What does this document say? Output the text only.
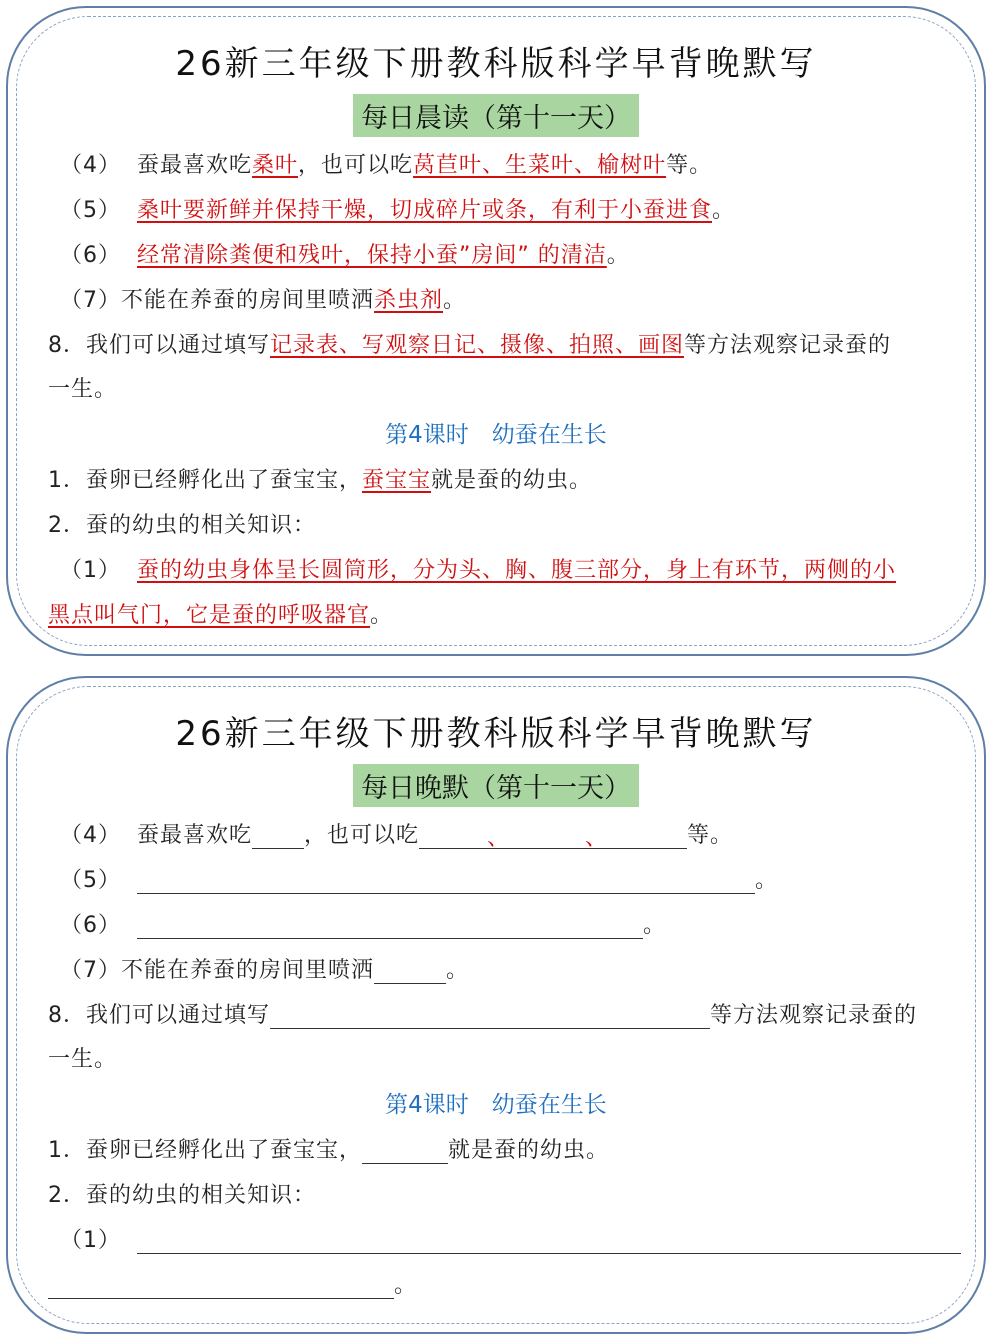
26新三年级下册教科版科学早背晚默写
每日晨读（第十一天）
（4） 蚕最喜欢吃桑叶，也可以吃莴苣叶、生菜叶、榆树叶等。
（5） 桑叶要新鲜并保持干燥，切成碎片或条，有利于小蚕进食。
（6） 经常清除粪便和残叶，保持小蚕”房间” 的清洁。
（7）不能在养蚕的房间里喷洒杀虫剂。
8．我们可以通过填写记录表、写观察日记、摄像、拍照、画图等方法观察记录蚕的
一生。
第4课时　幼蚕在生长
1．蚕卵已经孵化出了蚕宝宝，蚕宝宝就是蚕的幼虫。
2．蚕的幼虫的相关知识：
（1） 蚕的幼虫身体呈长圆筒形，分为头、胸、腹三部分，身上有环节，两侧的小
黑点叫气门，它是蚕的呼吸器官。
26新三年级下册教科版科学早背晚默写
每日晚默（第十一天）
（4） 蚕最喜欢吃 ，也可以吃	、	、	等。
（5）	。
（6）	。
（7）不能在养蚕的房间里喷洒	。
8．我们可以通过填写	等方法观察记录蚕的
一生。
第4课时　幼蚕在生长
1．蚕卵已经孵化出了蚕宝宝，	就是蚕的幼虫。
2．蚕的幼虫的相关知识：
（1）
。
